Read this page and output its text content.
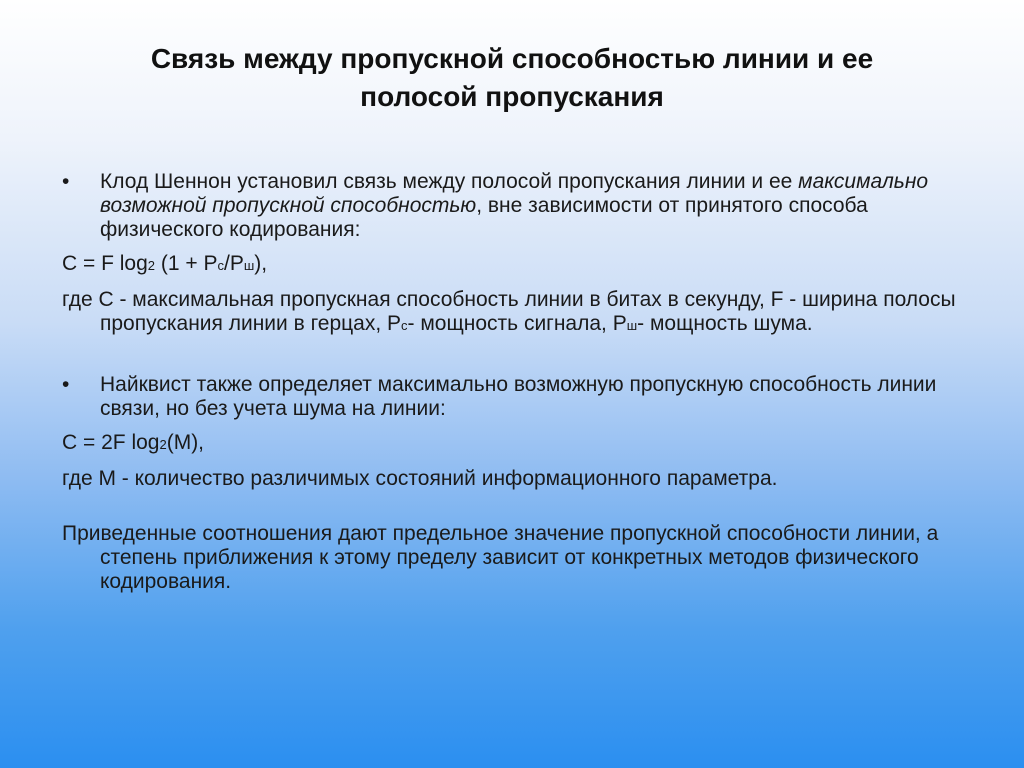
Связь между пропускной способностью линии и ее
полосой пропускания
• Клод Шеннон установил связь между полосой пропускания линии и ее максимально возможной пропускной способностью, вне зависимости от принятого способа физического кодирования:
C = F log2 (1 + Pc/Pш),
где C - максимальная пропускная способность линии в битах в секунду, F - ширина полосы пропускания линии в герцах, Pc- мощность сигнала, Pш- мощность шума.
• Найквист также определяет максимально возможную пропускную способность линии связи, но без учета шума на линии:
C = 2F log2(M),
где M - количество различимых состояний информационного параметра.
Приведенные соотношения дают предельное значение пропускной способности линии, а степень приближения к этому пределу зависит от конкретных методов физического кодирования.
